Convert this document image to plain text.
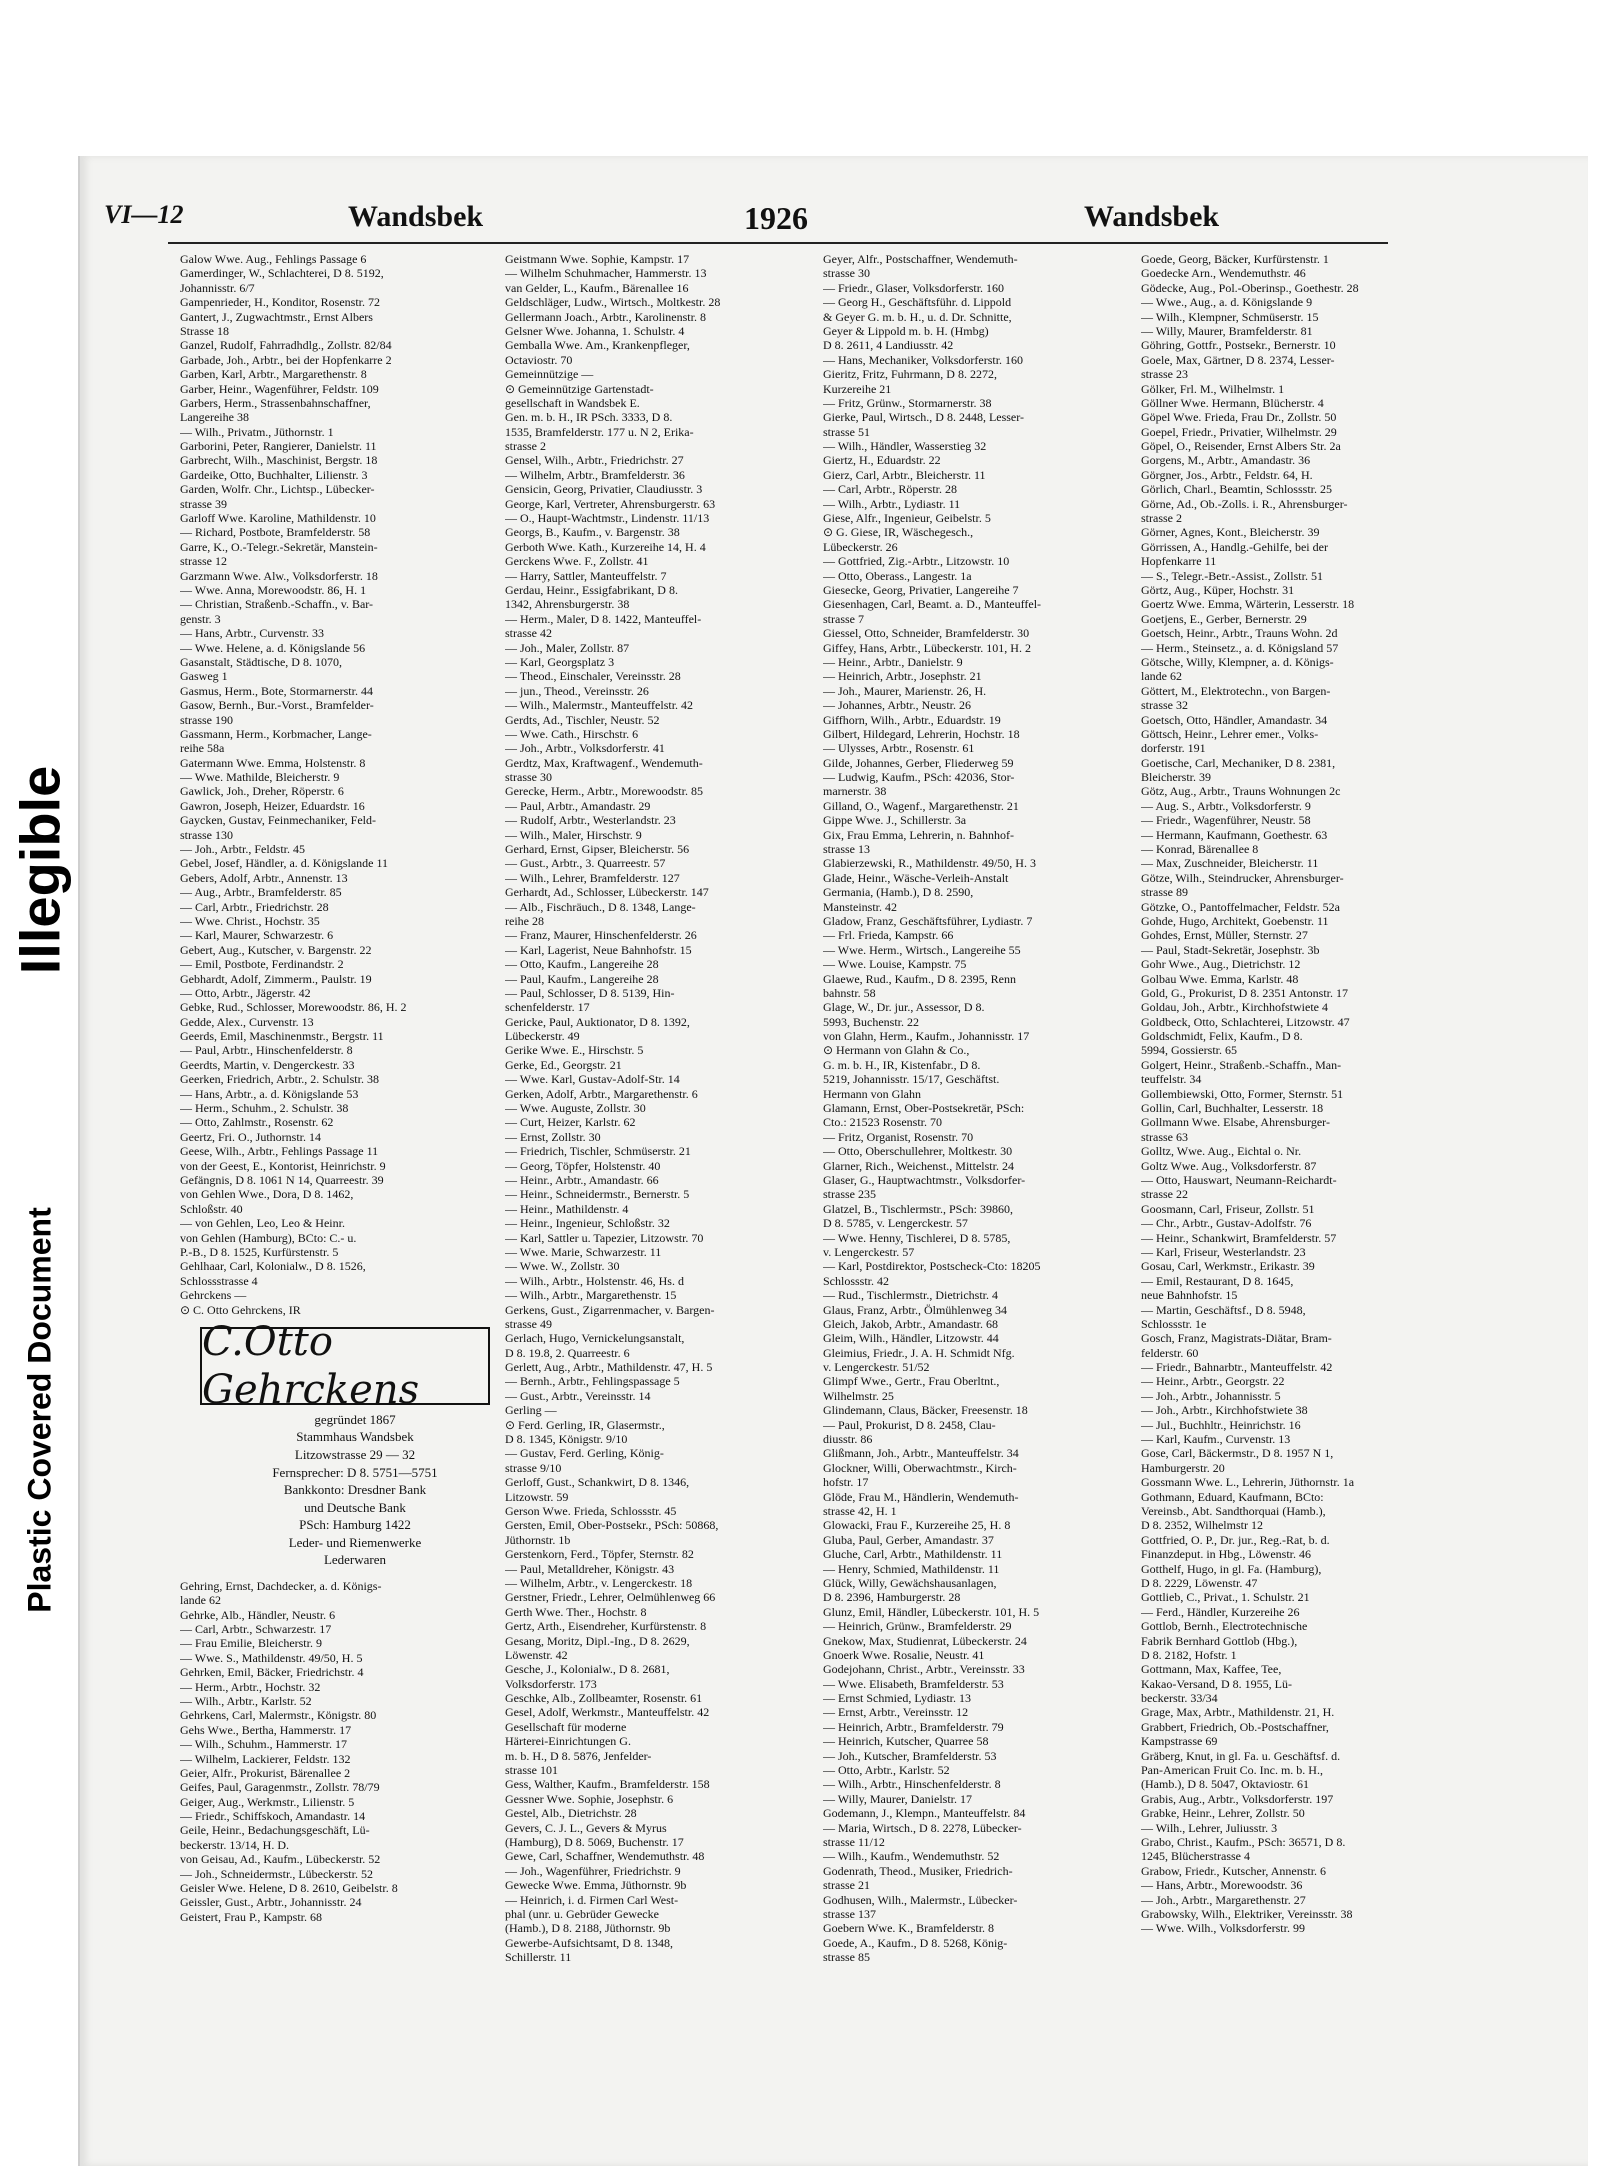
Plastic Covered Document
Illegible
VI—12	Wandsbek	1926	Wandsbek
Galow Wwe. Aug., Fehlings Passage 6
Gamerdinger, W., Schlachterei, D 8. 5192,
Johannisstr. 6/7
Gampenrieder, H., Konditor, Rosenstr. 72
Gantert, J., Zugwachtmstr., Ernst Albers
Strasse 18
Ganzel, Rudolf, Fahrradhdlg., Zollstr. 82/84
Garbade, Joh., Arbtr., bei der Hopfenkarre 2
Garben, Karl, Arbtr., Margarethenstr. 8
Garber, Heinr., Wagenführer, Feldstr. 109
Garbers, Herm., Strassenbahnschaffner,
Langereihe 38
— Wilh., Privatm., Jüthornstr. 1
Garborini, Peter, Rangierer, Danielstr. 11
Garbrecht, Wilh., Maschinist, Bergstr. 18
Gardeike, Otto, Buchhalter, Lilienstr. 3
Garden, Wolfr. Chr., Lichtsp., Lübecker-
strasse 39
Garloff Wwe. Karoline, Mathildenstr. 10
— Richard, Postbote, Bramfelderstr. 58
Garre, K., O.-Telegr.-Sekretär, Manstein-
strasse 12
Garzmann Wwe. Alw., Volksdorferstr. 18
— Wwe. Anna, Morewoodstr. 86, H. 1
— Christian, Straßenb.-Schaffn., v. Bar-
genstr. 3
— Hans, Arbtr., Curvenstr. 33
— Wwe. Helene, a. d. Königslande 56
Gasanstalt, Städtische, D 8. 1070,
Gasweg 1
Gasmus, Herm., Bote, Stormarnerstr. 44
Gasow, Bernh., Bur.-Vorst., Bramfelder-
strasse 190
Gassmann, Herm., Korbmacher, Lange-
reihe 58a
Gatermann Wwe. Emma, Holstenstr. 8
— Wwe. Mathilde, Bleicherstr. 9
Gawlick, Joh., Dreher, Röperstr. 6
Gawron, Joseph, Heizer, Eduardstr. 16
Gaycken, Gustav, Feinmechaniker, Feld-
strasse 130
— Joh., Arbtr., Feldstr. 45
Gebel, Josef, Händler, a. d. Königslande 11
Gebers, Adolf, Arbtr., Annenstr. 13
— Aug., Arbtr., Bramfelderstr. 85
— Carl, Arbtr., Friedrichstr. 28
— Wwe. Christ., Hochstr. 35
— Karl, Maurer, Schwarzestr. 6
Gebert, Aug., Kutscher, v. Bargenstr. 22
— Emil, Postbote, Ferdinandstr. 2
Gebhardt, Adolf, Zimmerm., Paulstr. 19
— Otto, Arbtr., Jägerstr. 42
Gebke, Rud., Schlosser, Morewoodstr. 86, H. 2
Gedde, Alex., Curvenstr. 13
Geerds, Emil, Maschinenmstr., Bergstr. 11
— Paul, Arbtr., Hinschenfelderstr. 8
Geerdts, Martin, v. Dengerckestr. 33
Geerken, Friedrich, Arbtr., 2. Schulstr. 38
— Hans, Arbtr., a. d. Königslande 53
— Herm., Schuhm., 2. Schulstr. 38
— Otto, Zahlmstr., Rosenstr. 62
Geertz, Fri. O., Juthornstr. 14
Geese, Wilh., Arbtr., Fehlings Passage 11
von der Geest, E., Kontorist, Heinrichstr. 9
Gefängnis, D 8. 1061 N 14, Quarreestr. 39
von Gehlen Wwe., Dora, D 8. 1462,
Schloßstr. 40
— von Gehlen, Leo, Leo & Heinr.
von Gehlen (Hamburg), BCto: C.- u.
P.-B., D 8. 1525, Kurfürstenstr. 5
Gehlhaar, Carl, Kolonialw., D 8. 1526,
Schlossstrasse 4
Gehrckens —
⊙ C. Otto Gehrckens, IR
C.Otto Gehrckens
gegründet 1867
Stammhaus Wandsbek
Litzowstrasse 29 — 32
Fernsprecher: D 8. 5751—5751
Bankkonto: Dresdner Bank
und Deutsche Bank
PSch: Hamburg 1422
Leder- und Riemenwerke
Lederwaren
Gehring, Ernst, Dachdecker, a. d. Königs-
lande 62
Gehrke, Alb., Händler, Neustr. 6
— Carl, Arbtr., Schwarzestr. 17
— Frau Emilie, Bleicherstr. 9
— Wwe. S., Mathildenstr. 49/50, H. 5
Gehrken, Emil, Bäcker, Friedrichstr. 4
— Herm., Arbtr., Hochstr. 32
— Wilh., Arbtr., Karlstr. 52
Gehrkens, Carl, Malermstr., Königstr. 80
Gehs Wwe., Bertha, Hammerstr. 17
— Wilh., Schuhm., Hammerstr. 17
— Wilhelm, Lackierer, Feldstr. 132
Geier, Alfr., Prokurist, Bärenallee 2
Geifes, Paul, Garagenmstr., Zollstr. 78/79
Geiger, Aug., Werkmstr., Lilienstr. 5
— Friedr., Schiffskoch, Amandastr. 14
Geile, Heinr., Bedachungsgeschäft, Lü-
beckerstr. 13/14, H. D.
von Geisau, Ad., Kaufm., Lübeckerstr. 52
— Joh., Schneidermstr., Lübeckerstr. 52
Geisler Wwe. Helene, D 8. 2610, Geibelstr. 8
Geissler, Gust., Arbtr., Johannisstr. 24
Geistert, Frau P., Kampstr. 68
Geistmann Wwe. Sophie, Kampstr. 17
— Wilhelm Schuhmacher, Hammerstr. 13
van Gelder, L., Kaufm., Bärenallee 16
Geldschläger, Ludw., Wirtsch., Moltkestr. 28
Gellermann Joach., Arbtr., Karolinenstr. 8
Gelsner Wwe. Johanna, 1. Schulstr. 4
Gemballa Wwe. Am., Krankenpfleger,
Octaviostr. 70
Gemeinnützige —
⊙ Gemeinnützige Gartenstadt-
gesellschaft in Wandsbek E.
Gen. m. b. H., IR PSch. 3333, D 8.
1535, Bramfelderstr. 177 u. N 2, Erika-
strasse 2
Gensel, Wilh., Arbtr., Friedrichstr. 27
— Wilhelm, Arbtr., Bramfelderstr. 36
Gensicin, Georg, Privatier, Claudiusstr. 3
George, Karl, Vertreter, Ahrensburgerstr. 63
— O., Haupt-Wachtmstr., Lindenstr. 11/13
Georgs, B., Kaufm., v. Bargenstr. 38
Gerboth Wwe. Kath., Kurzereihe 14, H. 4
Gerckens Wwe. F., Zollstr. 41
— Harry, Sattler, Manteuffelstr. 7
Gerdau, Heinr., Essigfabrikant, D 8.
1342, Ahrensburgerstr. 38
— Herm., Maler, D 8. 1422, Manteuffel-
strasse 42
— Joh., Maler, Zollstr. 87
— Karl, Georgsplatz 3
— Theod., Einschaler, Vereinsstr. 28
— jun., Theod., Vereinsstr. 26
— Wilh., Malermstr., Manteuffelstr. 42
Gerdts, Ad., Tischler, Neustr. 52
— Wwe. Cath., Hirschstr. 6
— Joh., Arbtr., Volksdorferstr. 41
Gerdtz, Max, Kraftwagenf., Wendemuth-
strasse 30
Gerecke, Herm., Arbtr., Morewoodstr. 85
— Paul, Arbtr., Amandastr. 29
— Rudolf, Arbtr., Westerlandstr. 23
— Wilh., Maler, Hirschstr. 9
Gerhard, Ernst, Gipser, Bleicherstr. 56
— Gust., Arbtr., 3. Quarreestr. 57
— Wilh., Lehrer, Bramfelderstr. 127
Gerhardt, Ad., Schlosser, Lübeckerstr. 147
— Alb., Fischräuch., D 8. 1348, Lange-
reihe 28
— Franz, Maurer, Hinschenfelderstr. 26
— Karl, Lagerist, Neue Bahnhofstr. 15
— Otto, Kaufm., Langereihe 28
— Paul, Kaufm., Langereihe 28
— Paul, Schlosser, D 8. 5139, Hin-
schenfelderstr. 17
Gericke, Paul, Auktionator, D 8. 1392,
Lübeckerstr. 49
Gerike Wwe. E., Hirschstr. 5
Gerke, Ed., Georgstr. 21
— Wwe. Karl, Gustav-Adolf-Str. 14
Gerken, Adolf, Arbtr., Margarethenstr. 6
— Wwe. Auguste, Zollstr. 30
— Curt, Heizer, Karlstr. 62
— Ernst, Zollstr. 30
— Friedrich, Tischler, Schmüserstr. 21
— Georg, Töpfer, Holstenstr. 40
— Heinr., Arbtr., Amandastr. 66
— Heinr., Schneidermstr., Bernerstr. 5
— Heinr., Mathildenstr. 4
— Heinr., Ingenieur, Schloßstr. 32
— Karl, Sattler u. Tapezier, Litzowstr. 70
— Wwe. Marie, Schwarzestr. 11
— Wwe. W., Zollstr. 30
— Wilh., Arbtr., Holstenstr. 46, Hs. d
— Wilh., Arbtr., Margarethenstr. 15
Gerkens, Gust., Zigarrenmacher, v. Bargen-
strasse 49
Gerlach, Hugo, Vernickelungsanstalt,
D 8. 19.8, 2. Quarreestr. 6
Gerlett, Aug., Arbtr., Mathildenstr. 47, H. 5
— Bernh., Arbtr., Fehlingspassage 5
— Gust., Arbtr., Vereinsstr. 14
Gerling —
⊙ Ferd. Gerling, IR, Glasermstr.,
D 8. 1345, Königstr. 9/10
— Gustav, Ferd. Gerling, König-
strasse 9/10
Gerloff, Gust., Schankwirt, D 8. 1346,
Litzowstr. 59
Gerson Wwe. Frieda, Schlossstr. 45
Gersten, Emil, Ober-Postsekr., PSch: 50868,
Jüthornstr. 1b
Gerstenkorn, Ferd., Töpfer, Sternstr. 82
— Paul, Metalldreher, Königstr. 43
— Wilhelm, Arbtr., v. Lengerckestr. 18
Gerstner, Friedr., Lehrer, Oelmühlenweg 66
Gerth Wwe. Ther., Hochstr. 8
Gertz, Arth., Eisendreher, Kurfürstenstr. 8
Gesang, Moritz, Dipl.-Ing., D 8. 2629,
Löwenstr. 42
Gesche, J., Kolonialw., D 8. 2681,
Volksdorferstr. 173
Geschke, Alb., Zollbeamter, Rosenstr. 61
Gesel, Adolf, Werkmstr., Manteuffelstr. 42
Gesellschaft für moderne
Härterei-Einrichtungen G.
m. b. H., D 8. 5876, Jenfelder-
strasse 101
Gess, Walther, Kaufm., Bramfelderstr. 158
Gessner Wwe. Sophie, Josephstr. 6
Gestel, Alb., Dietrichstr. 28
Gevers, C. J. L., Gevers & Myrus
(Hamburg), D 8. 5069, Buchenstr. 17
Gewe, Carl, Schaffner, Wendemuthstr. 48
— Joh., Wagenführer, Friedrichstr. 9
Gewecke Wwe. Emma, Jüthornstr. 9b
— Heinrich, i. d. Firmen Carl West-
phal (unr. u. Gebrüder Gewecke
(Hamb.), D 8. 2188, Jüthornstr. 9b
Gewerbe-Aufsichtsamt, D 8. 1348,
Schillerstr. 11
Geyer, Alfr., Postschaffner, Wendemuth-
strasse 30
— Friedr., Glaser, Volksdorferstr. 160
— Georg H., Geschäftsführ. d. Lippold
& Geyer G. m. b. H., u. d. Dr. Schnitte,
Geyer & Lippold m. b. H. (Hmbg)
D 8. 2611, 4 Landiusstr. 42
— Hans, Mechaniker, Volksdorferstr. 160
Gieritz, Fritz, Fuhrmann, D 8. 2272,
Kurzereihe 21
— Fritz, Grünw., Stormarnerstr. 38
Gierke, Paul, Wirtsch., D 8. 2448, Lesser-
strasse 51
— Wilh., Händler, Wasserstieg 32
Giertz, H., Eduardstr. 22
Gierz, Carl, Arbtr., Bleicherstr. 11
— Carl, Arbtr., Röperstr. 28
— Wilh., Arbtr., Lydiastr. 11
Giese, Alfr., Ingenieur, Geibelstr. 5
⊙ G. Giese, IR, Wäschegesch.,
Lübeckerstr. 26
— Gottfried, Zig.-Arbtr., Litzowstr. 10
— Otto, Oberass., Langestr. 1a
Giesecke, Georg, Privatier, Langereihe 7
Giesenhagen, Carl, Beamt. a. D., Manteuffel-
strasse 7
Giessel, Otto, Schneider, Bramfelderstr. 30
Giffey, Hans, Arbtr., Lübeckerstr. 101, H. 2
— Heinr., Arbtr., Danielstr. 9
— Heinrich, Arbtr., Josephstr. 21
— Joh., Maurer, Marienstr. 26, H.
— Johannes, Arbtr., Neustr. 26
Giffhorn, Wilh., Arbtr., Eduardstr. 19
Gilbert, Hildegard, Lehrerin, Hochstr. 18
— Ulysses, Arbtr., Rosenstr. 61
Gilde, Johannes, Gerber, Fliederweg 59
— Ludwig, Kaufm., PSch: 42036, Stor-
marnerstr. 38
Gilland, O., Wagenf., Margarethenstr. 21
Gippe Wwe. J., Schillerstr. 3a
Gix, Frau Emma, Lehrerin, n. Bahnhof-
strasse 13
Glabierzewski, R., Mathildenstr. 49/50, H. 3
Glade, Heinr., Wäsche-Verleih-Anstalt
Germania, (Hamb.), D 8. 2590,
Mansteinstr. 42
Gladow, Franz, Geschäftsführer, Lydiastr. 7
— Frl. Frieda, Kampstr. 66
— Wwe. Herm., Wirtsch., Langereihe 55
— Wwe. Louise, Kampstr. 75
Glaewe, Rud., Kaufm., D 8. 2395, Renn
bahnstr. 58
Glage, W., Dr. jur., Assessor, D 8.
5993, Buchenstr. 22
von Glahn, Herm., Kaufm., Johannisstr. 17
⊙ Hermann von Glahn & Co.,
G. m. b. H., IR, Kistenfabr., D 8.
5219, Johannisstr. 15/17, Geschäftst.
Hermann von Glahn
Glamann, Ernst, Ober-Postsekretär, PSch:
Cto.: 21523 Rosenstr. 70
— Fritz, Organist, Rosenstr. 70
— Otto, Oberschullehrer, Moltkestr. 30
Glarner, Rich., Weichenst., Mittelstr. 24
Glaser, G., Hauptwachtmstr., Volksdorfer-
strasse 235
Glatzel, B., Tischlermstr., PSch: 39860,
D 8. 5785, v. Lengerckestr. 57
— Wwe. Henny, Tischlerei, D 8. 5785,
v. Lengerckestr. 57
— Karl, Postdirektor, Postscheck-Cto: 18205
Schlossstr. 42
— Rud., Tischlermstr., Dietrichstr. 4
Glaus, Franz, Arbtr., Ölmühlenweg 34
Gleich, Jakob, Arbtr., Amandastr. 68
Gleim, Wilh., Händler, Litzowstr. 44
Gleimius, Friedr., J. A. H. Schmidt Nfg.
v. Lengerckestr. 51/52
Glimpf Wwe., Gertr., Frau Oberltnt.,
Wilhelmstr. 25
Glindemann, Claus, Bäcker, Freesenstr. 18
— Paul, Prokurist, D 8. 2458, Clau-
diusstr. 86
Glißmann, Joh., Arbtr., Manteuffelstr. 34
Glockner, Willi, Oberwachtmstr., Kirch-
hofstr. 17
Glöde, Frau M., Händlerin, Wendemuth-
strasse 42, H. 1
Glowacki, Frau F., Kurzereihe 25, H. 8
Gluba, Paul, Gerber, Amandastr. 37
Gluche, Carl, Arbtr., Mathildenstr. 11
— Henry, Schmied, Mathildenstr. 11
Glück, Willy, Gewächshausanlagen,
D 8. 2396, Hamburgerstr. 28
Glunz, Emil, Händler, Lübeckerstr. 101, H. 5
— Heinrich, Grünw., Bramfelderstr. 29
Gnekow, Max, Studienrat, Lübeckerstr. 24
Gnoerk Wwe. Rosalie, Neustr. 41
Godejohann, Christ., Arbtr., Vereinsstr. 33
— Wwe. Elisabeth, Bramfelderstr. 53
— Ernst Schmied, Lydiastr. 13
— Ernst, Arbtr., Vereinsstr. 12
— Heinrich, Arbtr., Bramfelderstr. 79
— Heinrich, Kutscher, Quarree 58
— Joh., Kutscher, Bramfelderstr. 53
— Otto, Arbtr., Karlstr. 52
— Wilh., Arbtr., Hinschenfelderstr. 8
— Willy, Maurer, Danielstr. 17
Godemann, J., Klempn., Manteuffelstr. 84
— Maria, Wirtsch., D 8. 2278, Lübecker-
strasse 11/12
— Wilh., Kaufm., Wendemuthstr. 52
Godenrath, Theod., Musiker, Friedrich-
strasse 21
Godhusen, Wilh., Malermstr., Lübecker-
strasse 137
Goebern Wwe. K., Bramfelderstr. 8
Goede, A., Kaufm., D 8. 5268, König-
strasse 85
Goede, Georg, Bäcker, Kurfürstenstr. 1
Goedecke Arn., Wendemuthstr. 46
Gödecke, Aug., Pol.-Oberinsp., Goethestr. 28
— Wwe., Aug., a. d. Königslande 9
— Wilh., Klempner, Schmüserstr. 15
— Willy, Maurer, Bramfelderstr. 81
Göhring, Gottfr., Postsekr., Bernerstr. 10
Goele, Max, Gärtner, D 8. 2374, Lesser-
strasse 23
Gölker, Frl. M., Wilhelmstr. 1
Göllner Wwe. Hermann, Blücherstr. 4
Göpel Wwe. Frieda, Frau Dr., Zollstr. 50
Goepel, Friedr., Privatier, Wilhelmstr. 29
Göpel, O., Reisender, Ernst Albers Str. 2a
Gorgens, M., Arbtr., Amandastr. 36
Görgner, Jos., Arbtr., Feldstr. 64, H.
Görlich, Charl., Beamtin, Schlossstr. 25
Görne, Ad., Ob.-Zolls. i. R., Ahrensburger-
strasse 2
Görner, Agnes, Kont., Bleicherstr. 39
Görrissen, A., Handlg.-Gehilfe, bei der
Hopfenkarre 11
— S., Telegr.-Betr.-Assist., Zollstr. 51
Görtz, Aug., Küper, Hochstr. 31
Goertz Wwe. Emma, Wärterin, Lesserstr. 18
Goetjens, E., Gerber, Bernerstr. 29
Goetsch, Heinr., Arbtr., Trauns Wohn. 2d
— Herm., Steinsetz., a. d. Königsland 57
Götsche, Willy, Klempner, a. d. Königs-
lande 62
Göttert, M., Elektrotechn., von Bargen-
strasse 32
Goetsch, Otto, Händler, Amandastr. 34
Göttsch, Heinr., Lehrer emer., Volks-
dorferstr. 191
Goetische, Carl, Mechaniker, D 8. 2381,
Bleicherstr. 39
Götz, Aug., Arbtr., Trauns Wohnungen 2c
— Aug. S., Arbtr., Volksdorferstr. 9
— Friedr., Wagenführer, Neustr. 58
— Hermann, Kaufmann, Goethestr. 63
— Konrad, Bärenallee 8
— Max, Zuschneider, Bleicherstr. 11
Götze, Wilh., Steindrucker, Ahrensburger-
strasse 89
Götzke, O., Pantoffelmacher, Feldstr. 52a
Gohde, Hugo, Architekt, Goebenstr. 11
Gohdes, Ernst, Müller, Sternstr. 27
— Paul, Stadt-Sekretär, Josephstr. 3b
Gohr Wwe., Aug., Dietrichstr. 12
Golbau Wwe. Emma, Karlstr. 48
Gold, G., Prokurist, D 8. 2351 Antonstr. 17
Goldau, Joh., Arbtr., Kirchhofstwiete 4
Goldbeck, Otto, Schlachterei, Litzowstr. 47
Goldschmidt, Felix, Kaufm., D 8.
5994, Gossierstr. 65
Golgert, Heinr., Straßenb.-Schaffn., Man-
teuffelstr. 34
Gollembiewski, Otto, Former, Sternstr. 51
Gollin, Carl, Buchhalter, Lesserstr. 18
Gollmann Wwe. Elsabe, Ahrensburger-
strasse 63
Golltz, Wwe. Aug., Eichtal o. Nr.
Goltz Wwe. Aug., Volksdorferstr. 87
— Otto, Hauswart, Neumann-Reichardt-
strasse 22
Goosmann, Carl, Friseur, Zollstr. 51
— Chr., Arbtr., Gustav-Adolfstr. 76
— Heinr., Schankwirt, Bramfelderstr. 57
— Karl, Friseur, Westerlandstr. 23
Gosau, Carl, Werkmstr., Erikastr. 39
— Emil, Restaurant, D 8. 1645,
neue Bahnhofstr. 15
— Martin, Geschäftsf., D 8. 5948,
Schlossstr. 1e
Gosch, Franz, Magistrats-Diätar, Bram-
felderstr. 60
— Friedr., Bahnarbtr., Manteuffelstr. 42
— Heinr., Arbtr., Georgstr. 22
— Joh., Arbtr., Johannisstr. 5
— Joh., Arbtr., Kirchhofstwiete 38
— Jul., Buchhltr., Heinrichstr. 16
— Karl, Kaufm., Curvenstr. 13
Gose, Carl, Bäckermstr., D 8. 1957 N 1,
Hamburgerstr. 20
Gossmann Wwe. L., Lehrerin, Jüthornstr. 1a
Gothmann, Eduard, Kaufmann, BCto:
Vereinsb., Abt. Sandthorquai (Hamb.),
D 8. 2352, Wilhelmstr 12
Gottfried, O. P., Dr. jur., Reg.-Rat, b. d.
Finanzdeput. in Hbg., Löwenstr. 46
Gotthelf, Hugo, in gl. Fa. (Hamburg),
D 8. 2229, Löwenstr. 47
Gottlieb, C., Privat., 1. Schulstr. 21
— Ferd., Händler, Kurzereihe 26
Gottlob, Bernh., Electrotechnische
Fabrik Bernhard Gottlob (Hbg.),
D 8. 2182, Hofstr. 1
Gottmann, Max, Kaffee, Tee,
Kakao-Versand, D 8. 1955, Lü-
beckerstr. 33/34
Grage, Max, Arbtr., Mathildenstr. 21, H.
Grabbert, Friedrich, Ob.-Postschaffner,
Kampstrasse 69
Gräberg, Knut, in gl. Fa. u. Geschäftsf. d.
Pan-American Fruit Co. Inc. m. b. H.,
(Hamb.), D 8. 5047, Oktaviostr. 61
Grabis, Aug., Arbtr., Volksdorferstr. 197
Grabke, Heinr., Lehrer, Zollstr. 50
— Wilh., Lehrer, Juliusstr. 3
Grabo, Christ., Kaufm., PSch: 36571, D 8.
1245, Blücherstrasse 4
Grabow, Friedr., Kutscher, Annenstr. 6
— Hans, Arbtr., Morewoodstr. 36
— Joh., Arbtr., Margarethenstr. 27
Grabowsky, Wilh., Elektriker, Vereinsstr. 38
— Wwe. Wilh., Volksdorferstr. 99
